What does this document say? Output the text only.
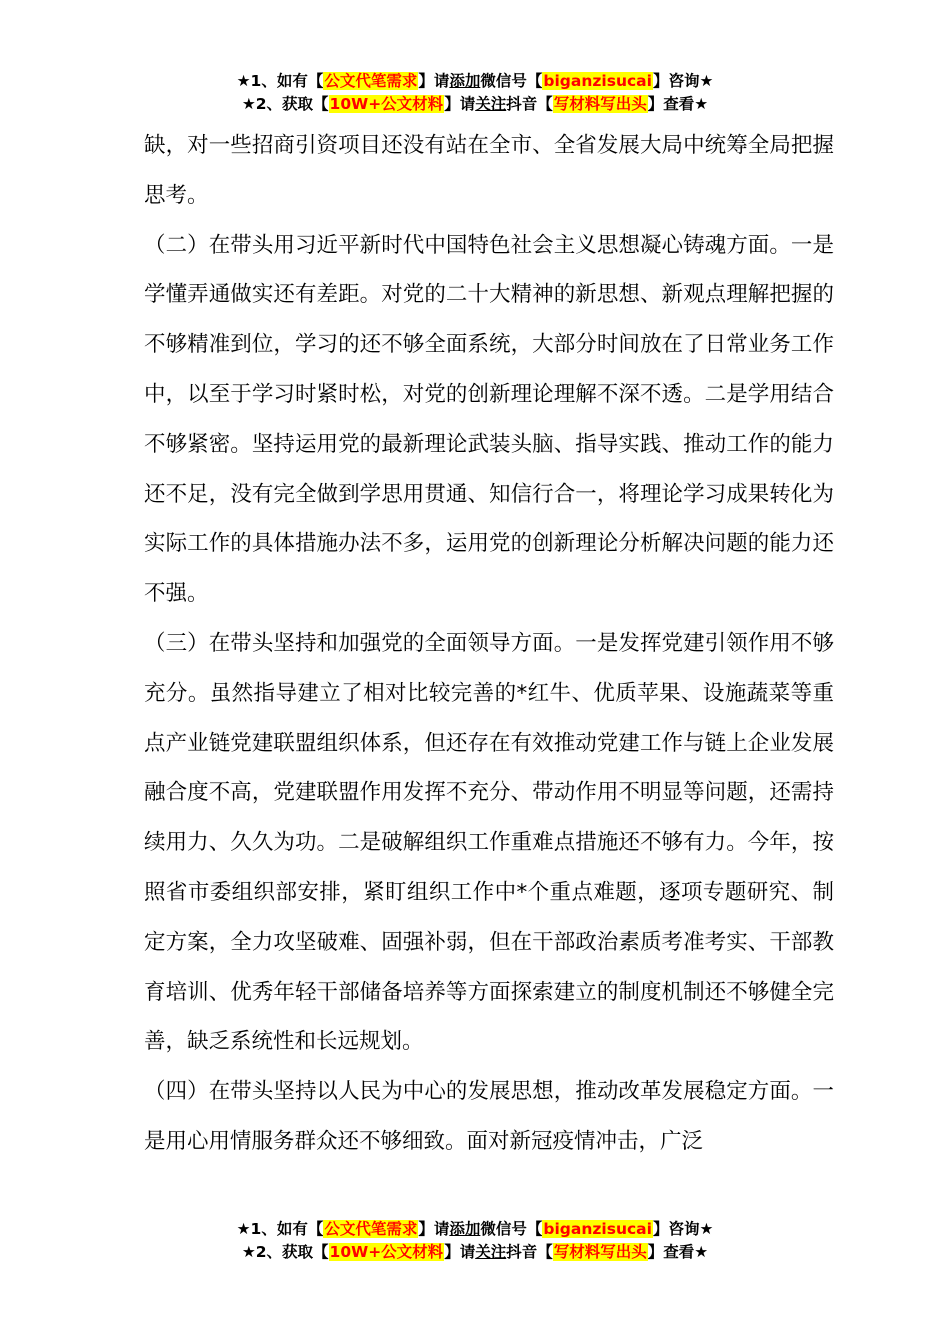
★1、如有【公文代笔需求】请添加微信号【biganzisucai】咨询★
★2、获取【10W+公文材料】请关注抖音【写材料写出头】查看★

缺，对一些招商引资项目还没有站在全市、全省发展大局中统筹全局把握思考。

（二）在带头用习近平新时代中国特色社会主义思想凝心铸魂方面。一是学懂弄通做实还有差距。对党的二十大精神的新思想、新观点理解把握的不够精准到位，学习的还不够全面系统，大部分时间放在了日常业务工作中，以至于学习时紧时松，对党的创新理论理解不深不透。二是学用结合不够紧密。坚持运用党的最新理论武装头脑、指导实践、推动工作的能力还不足，没有完全做到学思用贯通、知信行合一，将理论学习成果转化为实际工作的具体措施办法不多，运用党的创新理论分析解决问题的能力还不强。

（三）在带头坚持和加强党的全面领导方面。一是发挥党建引领作用不够充分。虽然指导建立了相对比较完善的*红牛、优质苹果、设施蔬菜等重点产业链党建联盟组织体系，但还存在有效推动党建工作与链上企业发展融合度不高，党建联盟作用发挥不充分、带动作用不明显等问题，还需持续用力、久久为功。二是破解组织工作重难点措施还不够有力。今年，按照省市委组织部安排，紧盯组织工作中*个重点难题，逐项专题研究、制定方案，全力攻坚破难、固强补弱，但在干部政治素质考准考实、干部教育培训、优秀年轻干部储备培养等方面探索建立的制度机制还不够健全完善，缺乏系统性和长远规划。

（四）在带头坚持以人民为中心的发展思想，推动改革发展稳定方面。一是用心用情服务群众还不够细致。面对新冠疫情冲击，广泛

★1、如有【公文代笔需求】请添加微信号【biganzisucai】咨询★
★2、获取【10W+公文材料】请关注抖音【写材料写出头】查看★
